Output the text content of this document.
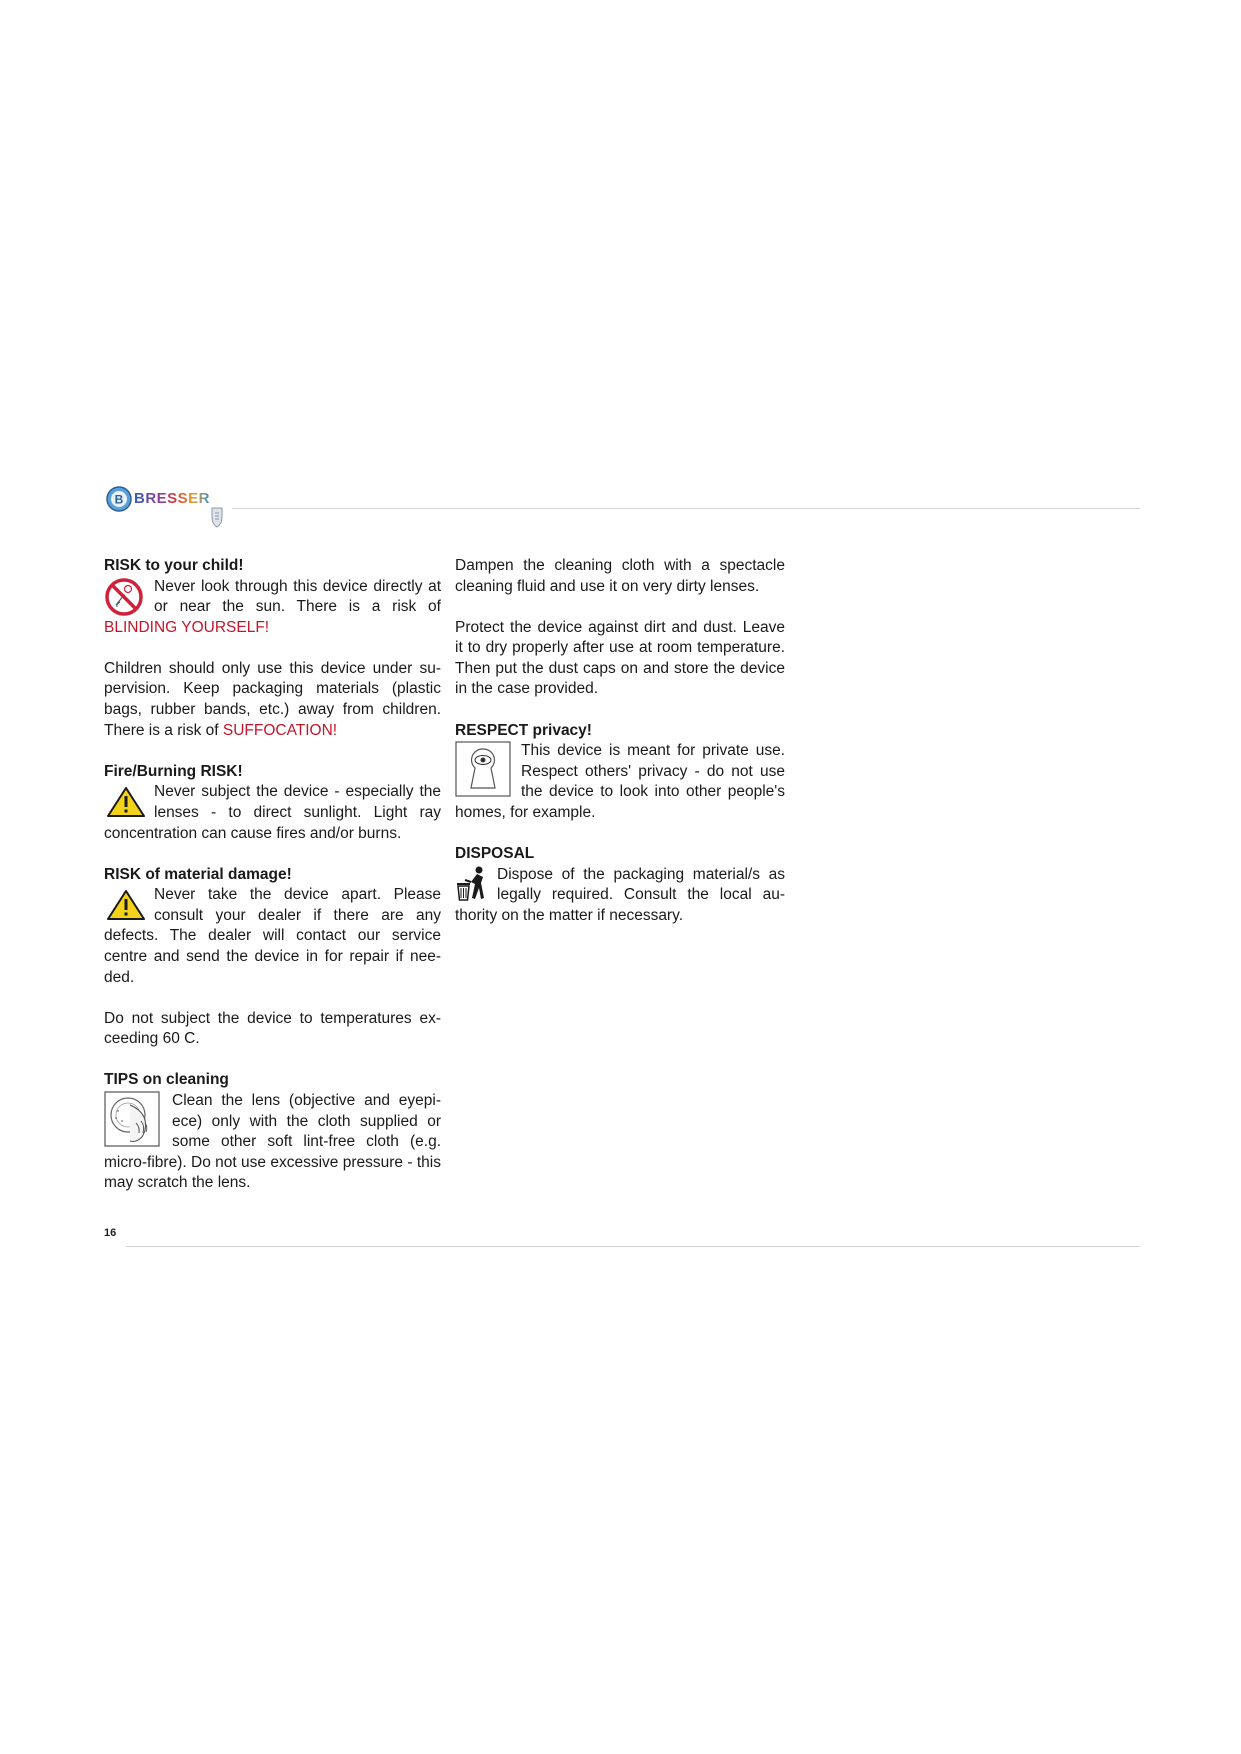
B BRESSER
RISK to your child!

Never look through this device directly at or near the sun. There is a risk of BLINDING YOURSELF!

Children should only use this device under supervision. Keep packaging materials (plastic bags, rubber bands, etc.) away from children. There is a risk of SUFFOCATION!

Fire/Burning RISK!

Never subject the device - especially the lenses - to direct sunlight. Light ray concentration can cause fires and/or burns.

RISK of material damage!

Never take the device apart. Please consult your dealer if there are any defects. The dealer will contact our service centre and send the device in for repair if needed.

Do not subject the device to temperatures exceeding 60 C.

TIPS on cleaning

Clean the lens (objective and eyepiece) only with the cloth supplied or some other soft lint-free cloth (e.g. micro-fibre). Do not use excessive pressure - this may scratch the lens.

Dampen the cleaning cloth with a spectacle cleaning fluid and use it on very dirty lenses.

Protect the device against dirt and dust. Leave it to dry properly after use at room temperature. Then put the dust caps on and store the device in the case provided.

RESPECT privacy!

This device is meant for private use. Respect others' privacy - do not use the device to look into other people's homes, for example.

DISPOSAL

Dispose of the packaging material/s as legally required. Consult the local authority on the matter if necessary.

16
